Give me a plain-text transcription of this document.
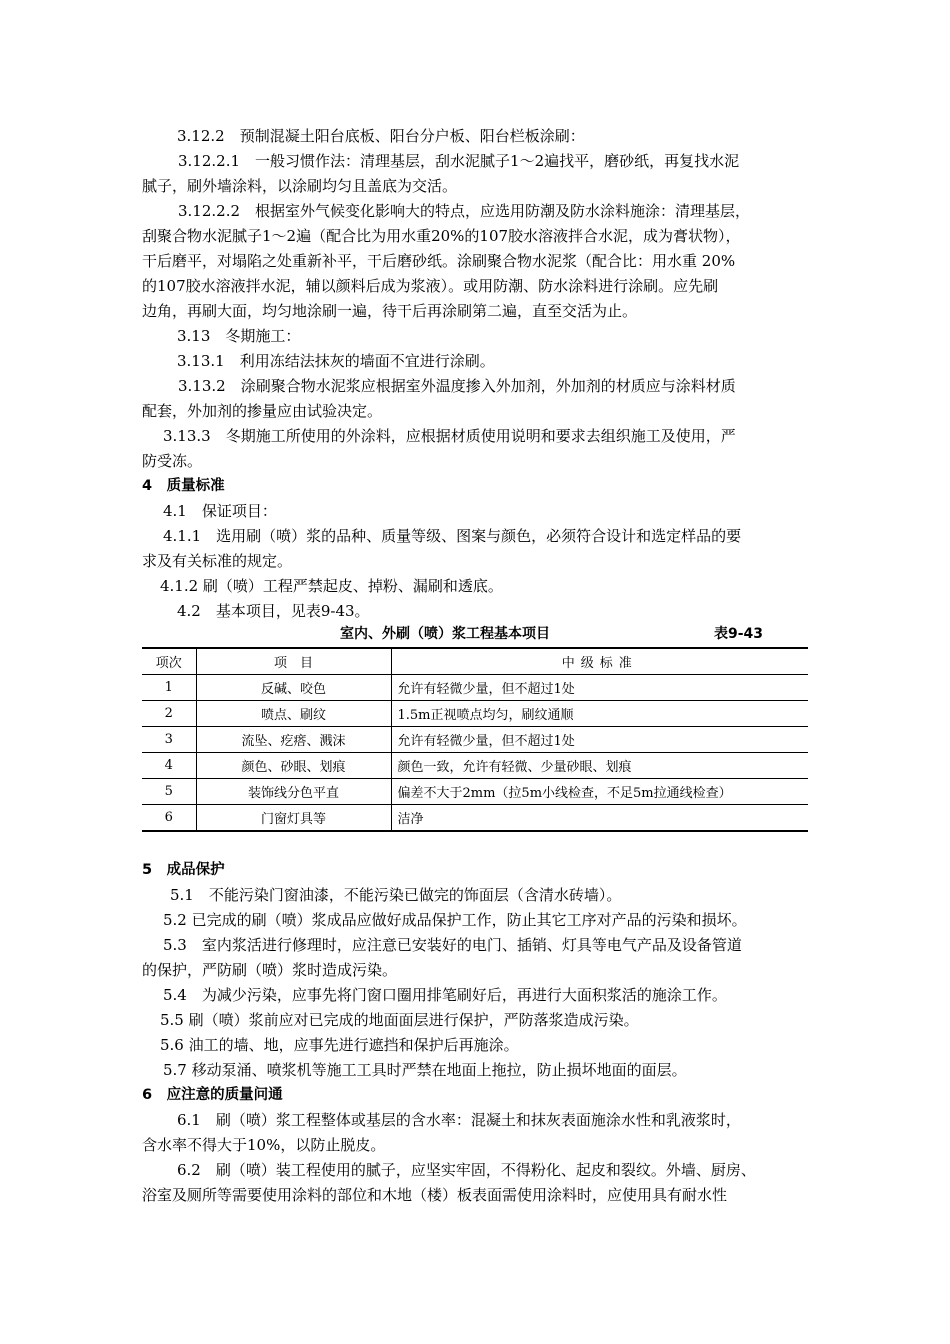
3.12.2　预制混凝土阳台底板、阳台分户板、阳台栏板涂刷：
3.12.2.1　一般习惯作法：清理基层，刮水泥腻子1～2遍找平，磨砂纸，再复找水泥
腻子，刷外墙涂料，以涂刷均匀且盖底为交活。
3.12.2.2　根据室外气候变化影响大的特点，应选用防潮及防水涂料施涂：清理基层，
刮聚合物水泥腻子1～2遍（配合比为用水重20%的107胶水溶液拌合水泥，成为膏状物），
干后磨平，对塌陷之处重新补平，干后磨砂纸。涂刷聚合物水泥浆（配合比：用水重 20%
的107胶水溶液拌水泥，辅以颜料后成为浆液）。或用防潮、防水涂料进行涂刷。应先刷
边角，再刷大面，均匀地涂刷一遍，待干后再涂刷第二遍，直至交活为止。
3.13　冬期施工：
3.13.1　利用冻结法抹灰的墙面不宜进行涂刷。
3.13.2　涂刷聚合物水泥浆应根据室外温度掺入外加剂，外加剂的材质应与涂料材质
配套，外加剂的掺量应由试验决定。
3.13.3　冬期施工所使用的外涂料，应根据材质使用说明和要求去组织施工及使用，严
防受冻。
4　质量标准
4.1　保证项目：
4.1.1　选用刷（喷）浆的品种、质量等级、图案与颜色，必须符合设计和选定样品的要
求及有关标准的规定。
4.1.2 刷（喷）工程严禁起皮、掉粉、漏刷和透底。
4.2　基本项目，见表9-43。
5　成品保护
5.1　不能污染门窗油漆，不能污染已做完的饰面层（含清水砖墙）。
5.2 已完成的刷（喷）浆成品应做好成品保护工作，防止其它工序对产品的污染和损坏。
5.3　室内浆活进行修理时，应注意已安装好的电门、插销、灯具等电气产品及设备管道
的保护，严防刷（喷）浆时造成污染。
5.4　为减少污染，应事先将门窗口圈用排笔刷好后，再进行大面积浆活的施涂工作。
5.5 刷（喷）浆前应对已完成的地面面层进行保护，严防落浆造成污染。
5.6 油工的墙、地，应事先进行遮挡和保护后再施涂。
5.7 移动泵涌、喷浆机等施工工具时严禁在地面上拖拉，防止损坏地面的面层。
6　应注意的质量问通
6.1　刷（喷）浆工程整体或基层的含水率：混凝土和抹灰表面施涂水性和乳液浆时，
含水率不得大于10%，以防止脱皮。
6.2　刷（喷）装工程使用的腻子，应坚实牢固，不得粉化、起皮和裂纹。外墙、厨房、
浴室及厕所等需要使用涂料的部位和木地（楼）板表面需使用涂料时，应使用具有耐水性
室内、外刷（喷）浆工程基本项目	表9-43
项次	项　目	中级标准
1	反碱、咬色	允许有轻微少量，但不超过1处
2	喷点、刷纹	1.5m正视喷点均匀，刷纹通顺
3	流坠、疙瘩、溅沫	允许有轻微少量，但不超过1处
4	颜色、砂眼、划痕	颜色一致，允许有轻微、少量砂眼、划痕
5	装饰线分色平直	偏差不大于2mm（拉5m小线检查，不足5m拉通线检查）
6	门窗灯具等	洁净
